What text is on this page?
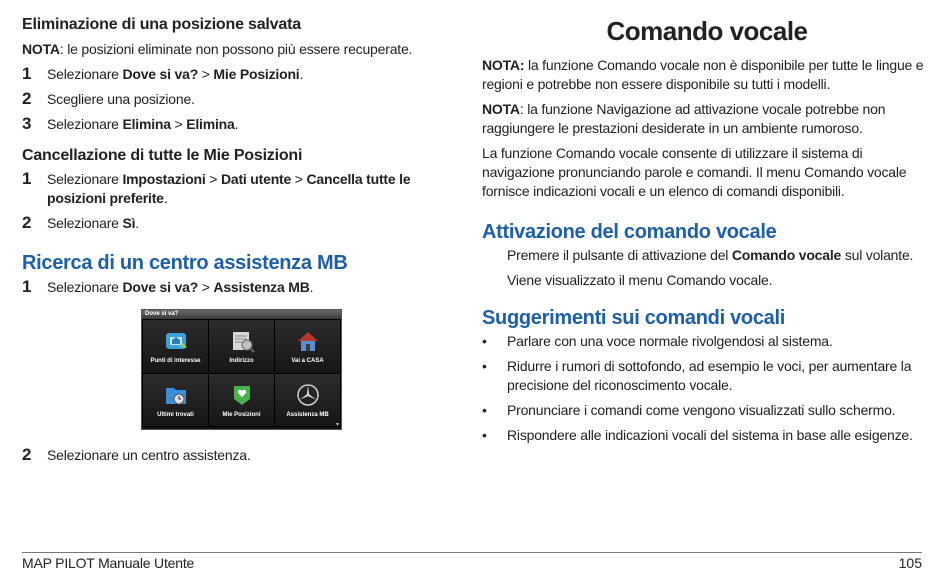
Eliminazione di una posizione salvata

NOTA: le posizioni eliminate non possono più essere recuperate.

1 Selezionare Dove si va? > Mie Posizioni.
2 Scegliere una posizione.
3 Selezionare Elimina > Elimina.
Cancellazione di tutte le Mie Posizioni
1 Selezionare Impostazioni > Dati utente > Cancella tutte le posizioni preferite.
2 Selezionare Sì.
Ricerca di un centro assistenza MB
1 Selezionare Dove si va? > Assistenza MB.
Dove si va?
Punti di interesse	Indirizzo	Vai a CASA
Ultimi trovati	Mie Posizioni	Assistenza MB
▾
2 Selezionare un centro assistenza.
Comando vocale

NOTA: la funzione Comando vocale non è disponibile per tutte le lingue e regioni e potrebbe non essere disponibile su tutti i modelli.

NOTA: la funzione Navigazione ad attivazione vocale potrebbe non raggiungere le prestazioni desiderate in un ambiente rumoroso.

La funzione Comando vocale consente di utilizzare il sistema di navigazione pronunciando parole e comandi. Il menu Comando vocale fornisce indicazioni vocali e un elenco di comandi disponibili.

Attivazione del comando vocale

Premere il pulsante di attivazione del Comando vocale sul volante.

Viene visualizzato il menu Comando vocale.

Suggerimenti sui comandi vocali
• Parlare con una voce normale rivolgendosi al sistema.
• Ridurre i rumori di sottofondo, ad esempio le voci, per aumentare la precisione del riconoscimento vocale.
• Pronunciare i comandi come vengono visualizzati sullo schermo.
• Rispondere alle indicazioni vocali del sistema in base alle esigenze.
MAP PILOT Manuale Utente	105
